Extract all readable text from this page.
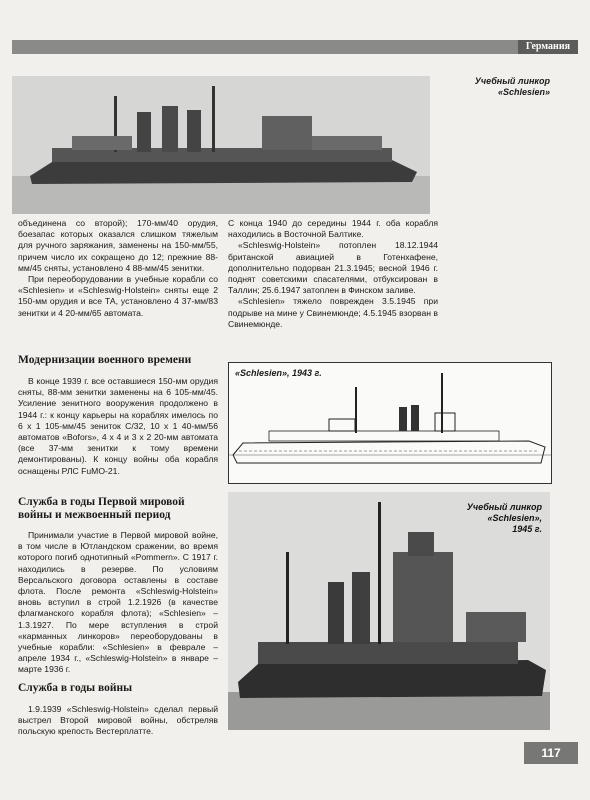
Германия
Учебный линкор
«Schlesien»

объединена со второй); 170-мм/40 орудия, боезапас которых оказался слишком тяжелым для ручного заряжания, заменены на 150-мм/55, причем число их сокращено до 12; прежние 88-мм/45 сняты, установлено 4 88-мм/45 зенитки.

При переоборудовании в учебные корабли со «Schlesien» и «Schleswig-Holstein» сняты еще 2 150-мм орудия и все ТА, установлено 4 37-мм/83 зенитки и 4 20-мм/65 автомата.

Модернизации военного времени

В конце 1939 г. все оставшиеся 150-мм орудия сняты, 88-мм зенитки заменены на 6 105-мм/45. Усиление зенитного вооружения продолжено в 1944 г.: к концу карьеры на кораблях имелось по 6 х 1 105-мм/45 зениток С/32, 10 х 1 40-мм/56 автоматов «Bofors», 4 х 4 и 3 х 2 20-мм автомата (все 37-мм зенитки к тому времени демонтированы). К концу войны оба корабля оснащены РЛС FuMO-21.

Служба в годы Первой мировой войны и межвоенный период

Принимали участие в Первой мировой войне, в том числе в Ютландском сражении, во время которого погиб однотипный «Pommern». С 1917 г. находились в резерве. По условиям Версальского договора оставлены в составе флота. После ремонта «Schleswig-Holstein» вновь вступил в строй 1.2.1926 (в качестве флагманского корабля флота); «Schlesien» – 1.3.1927. По мере вступления в строй «карманных линкоров» переоборудованы в учебные корабли: «Schlesien» в феврале – апреле 1934 г., «Schleswig-Holstein» в январе – марте 1936 г.

Служба в годы войны

1.9.1939 «Schleswig-Holstein» сделал первый выстрел Второй мировой войны, обстреляв польскую крепость Вестерплатте.

С конца 1940 до середины 1944 г. оба корабля находились в Восточной Балтике.

«Schleswig-Holstein» потоплен 18.12.1944 британской авиацией в Готенхафене, дополнительно подорван 21.3.1945; весной 1946 г. поднят советскими спасателями, отбуксирован в Таллин; 25.6.1947 затоплен в Финском заливе.

«Schlesien» тяжело поврежден 3.5.1945 при подрыве на мине у Свинемюнде; 4.5.1945 взорван в Свинемюнде.

«Schlesien», 1943 г.
Учебный линкор
«Schlesien»,
1945 г.
117
